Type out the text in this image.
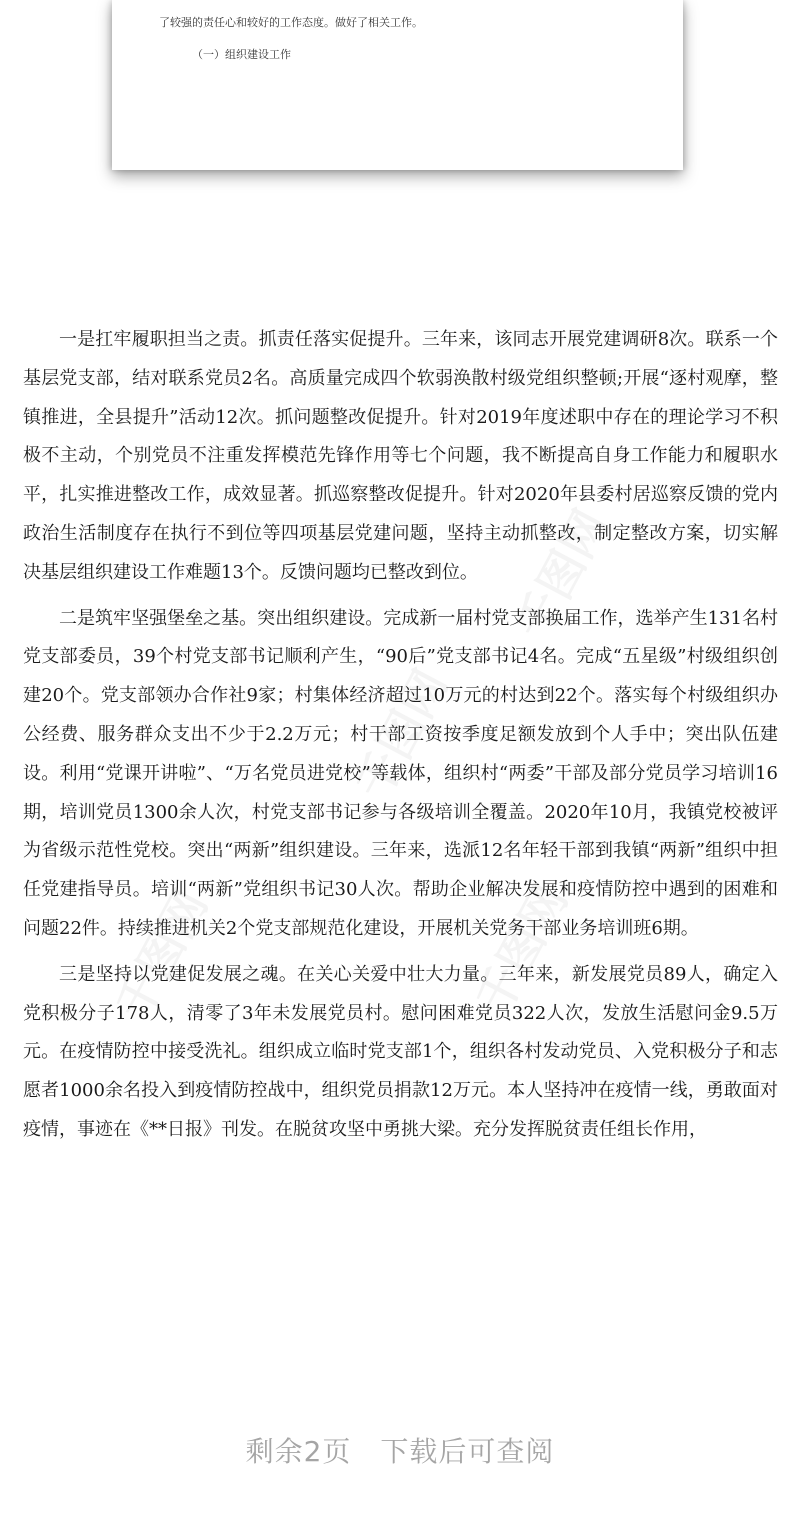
了较强的责任心和较好的工作态度。做好了相关工作。
（一）组织建设工作

一是扛牢履职担当之责。抓责任落实促提升。三年来，该同志开展党建调研8次。联系一个基层党支部，结对联系党员2名。高质量完成四个软弱涣散村级党组织整顿;开展“逐村观摩，整镇推进，全县提升”活动12次。抓问题整改促提升。针对2019年度述职中存在的理论学习不积极不主动，个别党员不注重发挥模范先锋作用等七个问题，我不断提高自身工作能力和履职水平，扎实推进整改工作，成效显著。抓巡察整改促提升。针对2020年县委村居巡察反馈的党内政治生活制度存在执行不到位等四项基层党建问题，坚持主动抓整改，制定整改方案，切实解决基层组织建设工作难题13个。反馈问题均已整改到位。

二是筑牢坚强堡垒之基。突出组织建设。完成新一届村党支部换届工作，选举产生131名村党支部委员，39个村党支部书记顺利产生，“90后”党支部书记4名。完成“五星级”村级组织创建20个。党支部领办合作社9家；村集体经济超过10万元的村达到22个。落实每个村级组织办公经费、服务群众支出不少于2.2万元；村干部工资按季度足额发放到个人手中；突出队伍建设。利用“党课开讲啦”、“万名党员进党校”等载体，组织村“两委”干部及部分党员学习培训16期，培训党员1300余人次，村党支部书记参与各级培训全覆盖。2020年10月，我镇党校被评为省级示范性党校。突出“两新”组织建设。三年来，选派12名年轻干部到我镇“两新”组织中担任党建指导员。培训“两新”党组织书记30人次。帮助企业解决发展和疫情防控中遇到的困难和问题22件。持续推进机关2个党支部规范化建设，开展机关党务干部业务培训班6期。

三是坚持以党建促发展之魂。在关心关爱中壮大力量。三年来，新发展党员89人，确定入党积极分子178人，清零了3年未发展党员村。慰问困难党员322人次，发放生活慰问金9.5万元。在疫情防控中接受洗礼。组织成立临时党支部1个，组织各村发动党员、入党积极分子和志愿者1000余名投入到疫情防控战中，组织党员捐款12万元。本人坚持冲在疫情一线，勇敢面对疫情，事迹在《**日报》刊发。在脱贫攻坚中勇挑大梁。充分发挥脱贫责任组长作用，

剩余2页　下载后可查阅
